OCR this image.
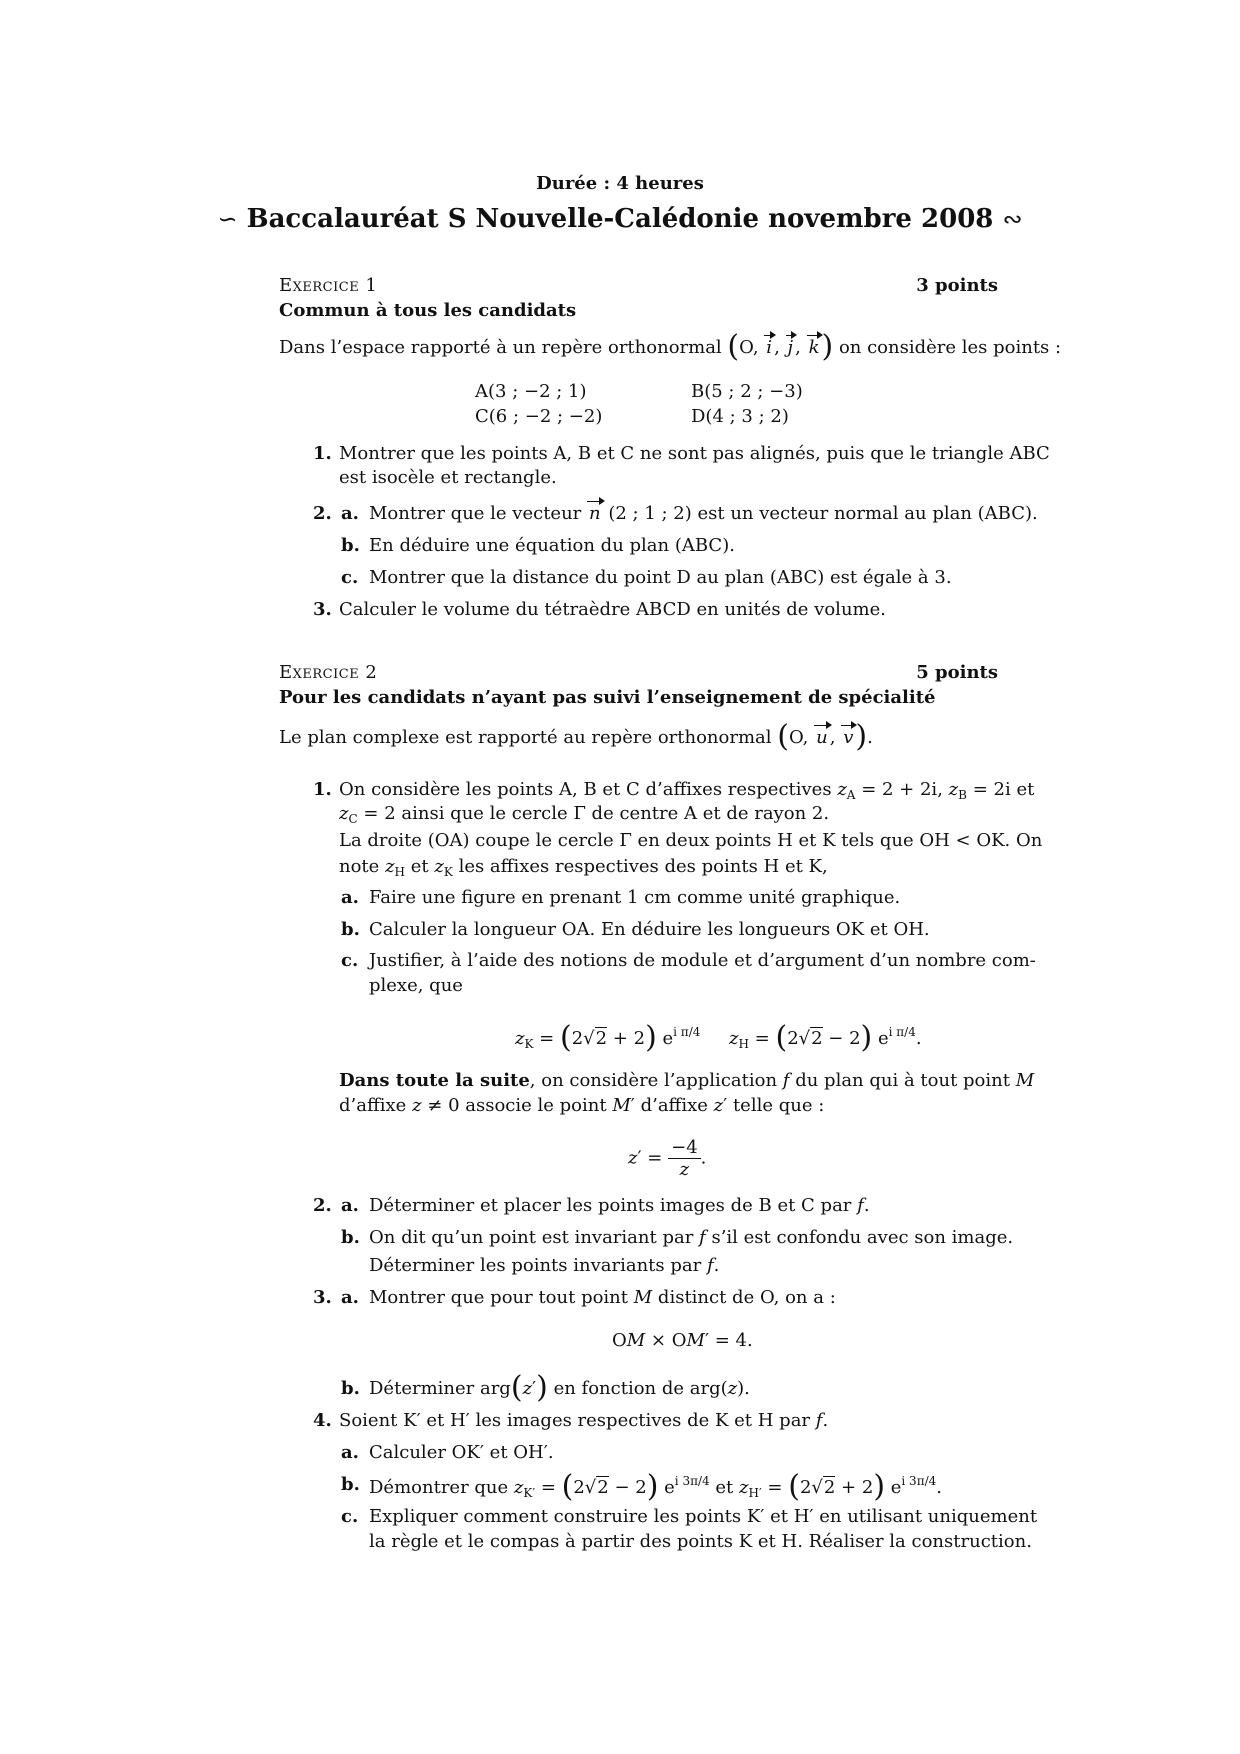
Durée : 4 heures
∽ Baccalauréat S Nouvelle-Calédonie novembre 2008 ∾
Exercice 1	3 points
Commun à tous les candidats
Dans l’espace rapporté à un repère orthonormal (O, i , j , k) on considère les points :
A(3 ; −2 ; 1)	B(5 ; 2 ; −3)
C(6 ; −2 ; −2)	D(4 ; 3 ; 2)
1. Montrer que les points A, B et C ne sont pas alignés, puis que le triangle ABC
est isocèle et rectangle.
2. a. Montrer que le vecteur n (2 ; 1 ; 2) est un vecteur normal au plan (ABC).
b. En déduire une équation du plan (ABC).
c. Montrer que la distance du point D au plan (ABC) est égale à 3.
3. Calculer le volume du tétraèdre ABCD en unités de volume.
Exercice 2	5 points
Pour les candidats n’ayant pas suivi l’enseignement de spécialité
Le plan complexe est rapporté au repère orthonormal (O, u , v).
1. On considère les points A, B et C d’affixes respectives $z_A = 2 + 2i$, $z_B = 2i$ et
$z_C = 2$ ainsi que le cercle Γ de centre A et de rayon 2.
La droite (OA) coupe le cercle Γ en deux points H et K tels que OH < OK. On
note $z_H$ et $z_K$ les affixes respectives des points H et K,
a. Faire une figure en prenant 1 cm comme unité graphique.
b. Calculer la longueur OA. En déduire les longueurs OK et OH.
c. Justifier, à l’aide des notions de module et d’argument d’un nombre com-
plexe, que
$z_K = (2√2 + 2)$ $e^{i \pi/4}$ $z_H = (2√2 - 2)$ $e^{i \pi/4}$.
Dans toute la suite, on considère l’application f du plan qui à tout point M
d’affixe z ≠ 0 associe le point M′ d’affixe z′ telle que :
$z' = \frac{-4}{z}$ .
2. a. Déterminer et placer les points images de B et C par f.
b. On dit qu’un point est invariant par f s’il est confondu avec son image.
Déterminer les points invariants par f.
3. a. Montrer que pour tout point M distinct de O, on a :
OM × OM′ = 4.
b. Déterminer arg(z′) en fonction de arg(z).
4. Soient K′ et H′ les images respectives de K et H par f.
a. Calculer OK′ et OH′.
b. Démontrer que $z_{K'} = (2√2 - 2)$ $e^{i 3\pi/4}$ et $z_{H'} = (2√2 + 2)$ $e^{i 3\pi/4}$.
c. Expliquer comment construire les points K′ et H′ en utilisant uniquement
la règle et le compas à partir des points K et H. Réaliser la construction.
